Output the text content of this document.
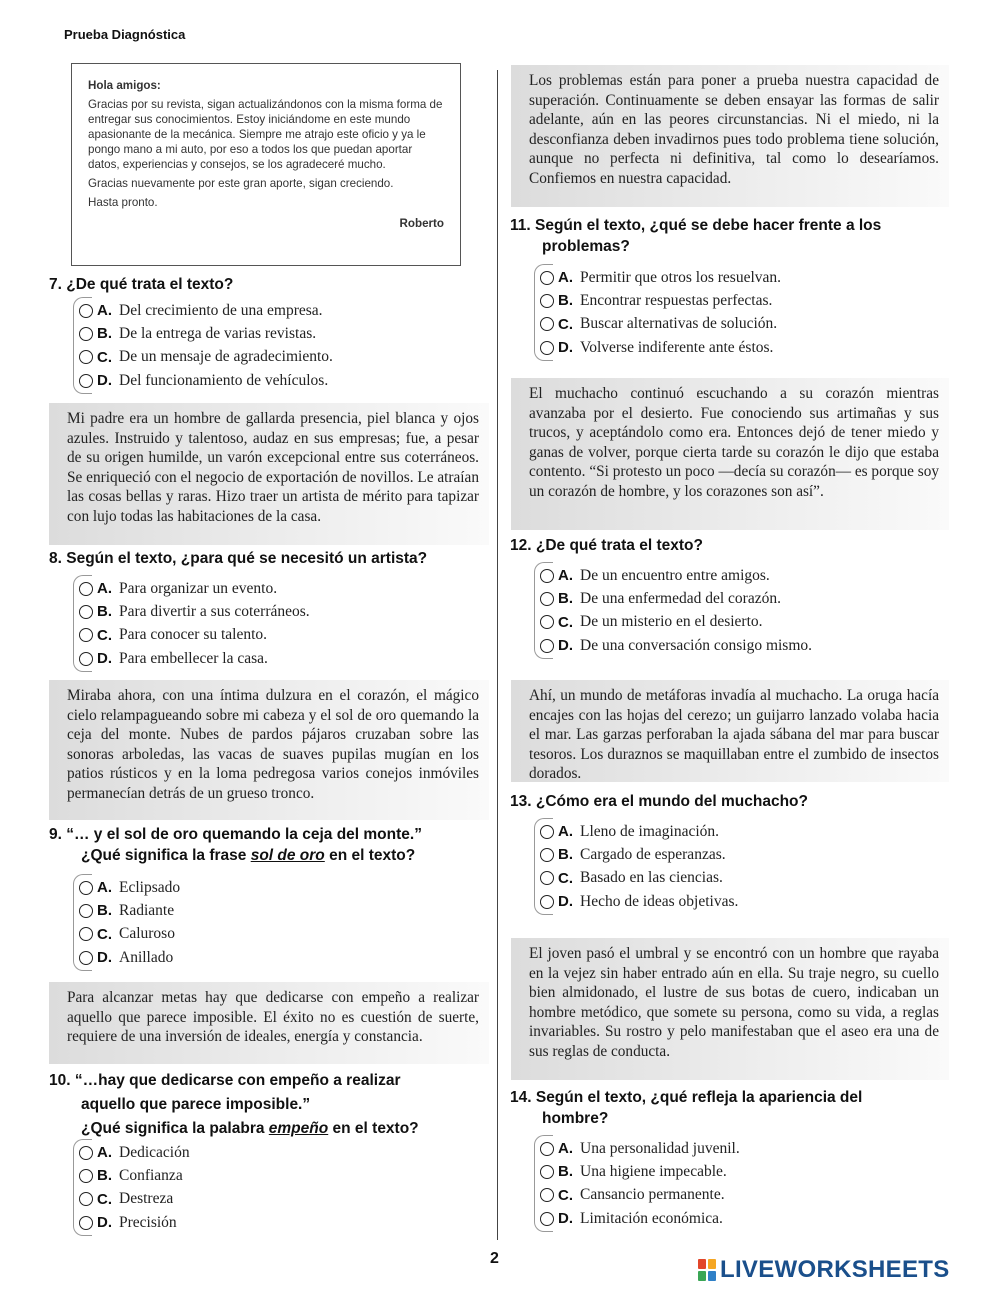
Prueba Diagnóstica
Hola amigos:

Gracias por su revista, sigan actualizándonos con la misma forma de entregar sus conocimientos. Estoy iniciándome en este mundo apasionante de la mecánica. Siempre me atrajo este oficio y ya le pongo mano a mi auto, por eso a todos los que puedan aportar datos, experiencias y consejos, se los agradeceré mucho.

Gracias nuevamente por este gran aporte, sigan creciendo.

Hasta pronto.

Roberto
7. ¿De qué trata el texto?
A. Del crecimiento de una empresa.
B. De la entrega de varias revistas.
C. De un mensaje de agradecimiento.
D. Del funcionamiento de vehículos.
Mi padre era un hombre de gallarda presencia, piel blanca y ojos azules. Instruido y talentoso, audaz en sus empresas; fue, a pesar de su origen humilde, un varón excepcional entre sus coterráneos. Se enriqueció con el negocio de exportación de novillos. Le atraían las cosas bellas y raras. Hizo traer un artista de mérito para tapizar con lujo todas las habitaciones de la casa.
8. Según el texto, ¿para qué se necesitó un artista?
A. Para organizar un evento.
B. Para divertir a sus coterráneos.
C. Para conocer su talento.
D. Para embellecer la casa.
Miraba ahora, con una íntima dulzura en el corazón, el mágico cielo relampagueando sobre mi cabeza y el sol de oro quemando la ceja del monte. Nubes de pardos pájaros cruzaban sobre las sonoras arboledas, las vacas de suaves pupilas mugían en los patios rústicos y en la loma pedregosa varios conejos inmóviles permanecían detrás de un grueso tronco.
9. “… y el sol de oro quemando la ceja del monte.”
¿Qué significa la frase sol de oro en el texto?
A. Eclipsado
B. Radiante
C. Caluroso
D. Anillado
Para alcanzar metas hay que dedicarse con empeño a realizar aquello que parece imposible. El éxito no es cuestión de suerte, requiere de una inversión de ideales, energía y constancia.
10. “…hay que dedicarse con empeño a realizar
aquello que parece imposible.”
¿Qué significa la palabra empeño en el texto?
A. Dedicación
B. Confianza
C. Destreza
D. Precisión
Los problemas están para poner a prueba nuestra capacidad de superación. Continuamente se deben ensayar las formas de salir adelante, aún en las peores circunstancias. Ni el miedo, ni la desconfianza deben invadirnos pues todo problema tiene solución, aunque no perfecta ni definitiva, tal como lo desearíamos. Confiemos en nuestra capacidad.
11. Según el texto, ¿qué se debe hacer frente a los
problemas?
A. Permitir que otros los resuelvan.
B. Encontrar respuestas perfectas.
C. Buscar alternativas de solución.
D. Volverse indiferente ante éstos.
El muchacho continuó escuchando a su corazón mientras avanzaba por el desierto. Fue conociendo sus artimañas y sus trucos, y aceptándolo como era. Entonces dejó de tener miedo y ganas de volver, porque cierta tarde su corazón le dijo que estaba contento. “Si protesto un poco —decía su corazón— es porque soy un corazón de hombre, y los corazones son así”.
12. ¿De qué trata el texto?
A. De un encuentro entre amigos.
B. De una enfermedad del corazón.
C. De un misterio en el desierto.
D. De una conversación consigo mismo.
Ahí, un mundo de metáforas invadía al muchacho. La oruga hacía encajes con las hojas del cerezo; un guijarro lanzado volaba hacia el mar. Las garzas perforaban la ajada sábana del mar para buscar tesoros. Los duraznos se maquillaban entre el zumbido de insectos dorados.
13. ¿Cómo era el mundo del muchacho?
A. Lleno de imaginación.
B. Cargado de esperanzas.
C. Basado en las ciencias.
D. Hecho de ideas objetivas.
El joven pasó el umbral y se encontró con un hombre que rayaba en la vejez sin haber entrado aún en ella. Su traje negro, su cuello bien almidonado, el lustre de sus botas de cuero, indicaban un hombre metódico, que somete su persona, como su vida, a reglas invariables. Su rostro y pelo manifestaban que el aseo era una de sus reglas de conducta.
14. Según el texto, ¿qué refleja la apariencia del
hombre?
A. Una personalidad juvenil.
B. Una higiene impecable.
C. Cansancio permanente.
D. Limitación económica.
2	LIVEWORKSHEETS
